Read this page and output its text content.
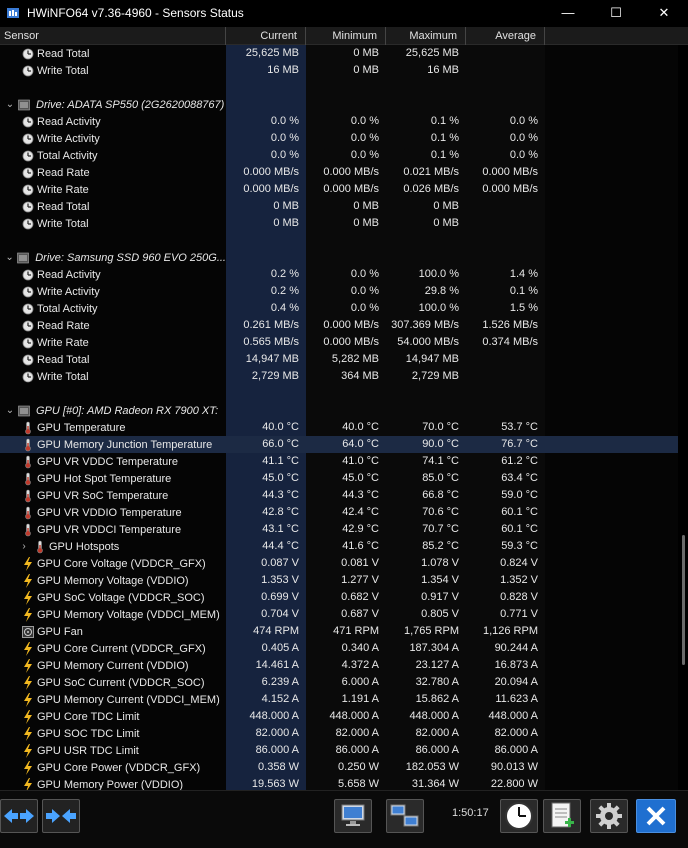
HWiNFO64 v7.36-4960 - Sensors Status	—	☐	✕
Sensor	Current	Minimum	Maximum	Average
Read Total	25,625 MB	0 MB	25,625 MB
Write Total	16 MB	0 MB	16 MB
⌄ Drive: ADATA SP550 (2G2620088767)
Read Activity	0.0 %	0.0 %	0.1 %	0.0 %
Write Activity	0.0 %	0.0 %	0.1 %	0.0 %
Total Activity	0.0 %	0.0 %	0.1 %	0.0 %
Read Rate	0.000 MB/s	0.000 MB/s	0.021 MB/s	0.000 MB/s
Write Rate	0.000 MB/s	0.000 MB/s	0.026 MB/s	0.000 MB/s
Read Total	0 MB	0 MB	0 MB
Write Total	0 MB	0 MB	0 MB
⌄ Drive: Samsung SSD 960 EVO 250G...
Read Activity	0.2 %	0.0 %	100.0 %	1.4 %
Write Activity	0.2 %	0.0 %	29.8 %	0.1 %
Total Activity	0.4 %	0.0 %	100.0 %	1.5 %
Read Rate	0.261 MB/s	0.000 MB/s	307.369 MB/s	1.526 MB/s
Write Rate	0.565 MB/s	0.000 MB/s	54.000 MB/s	0.374 MB/s
Read Total	14,947 MB	5,282 MB	14,947 MB
Write Total	2,729 MB	364 MB	2,729 MB
⌄ GPU [#0]: AMD Radeon RX 7900 XT:
GPU Temperature	40.0 °C	40.0 °C	70.0 °C	53.7 °C
GPU Memory Junction Temperature	66.0 °C	64.0 °C	90.0 °C	76.7 °C
GPU VR VDDC Temperature	41.1 °C	41.0 °C	74.1 °C	61.2 °C
GPU Hot Spot Temperature	45.0 °C	45.0 °C	85.0 °C	63.4 °C
GPU VR SoC Temperature	44.3 °C	44.3 °C	66.8 °C	59.0 °C
GPU VR VDDIO Temperature	42.8 °C	42.4 °C	70.6 °C	60.1 °C
GPU VR VDDCI Temperature	43.1 °C	42.9 °C	70.7 °C	60.1 °C
›	GPU Hotspots	44.4 °C	41.6 °C	85.2 °C	59.3 °C
GPU Core Voltage (VDDCR_GFX)	0.087 V	0.081 V	1.078 V	0.824 V
GPU Memory Voltage (VDDIO)	1.353 V	1.277 V	1.354 V	1.352 V
GPU SoC Voltage (VDDCR_SOC)	0.699 V	0.682 V	0.917 V	0.828 V
GPU Memory Voltage (VDDCI_MEM)	0.704 V	0.687 V	0.805 V	0.771 V
GPU Fan	474 RPM	471 RPM	1,765 RPM	1,126 RPM
GPU Core Current (VDDCR_GFX)	0.405 A	0.340 A	187.304 A	90.244 A
GPU Memory Current (VDDIO)	14.461 A	4.372 A	23.127 A	16.873 A
GPU SoC Current (VDDCR_SOC)	6.239 A	6.000 A	32.780 A	20.094 A
GPU Memory Current (VDDCI_MEM)	4.152 A	1.191 A	15.862 A	11.623 A
GPU Core TDC Limit	448.000 A	448.000 A	448.000 A	448.000 A
GPU SOC TDC Limit	82.000 A	82.000 A	82.000 A	82.000 A
GPU USR TDC Limit	86.000 A	86.000 A	86.000 A	86.000 A
GPU Core Power (VDDCR_GFX)	0.358 W	0.250 W	182.053 W	90.013 W
GPU Memory Power (VDDIO)	19.563 W	5.658 W	31.364 W	22.800 W
1:50:17
